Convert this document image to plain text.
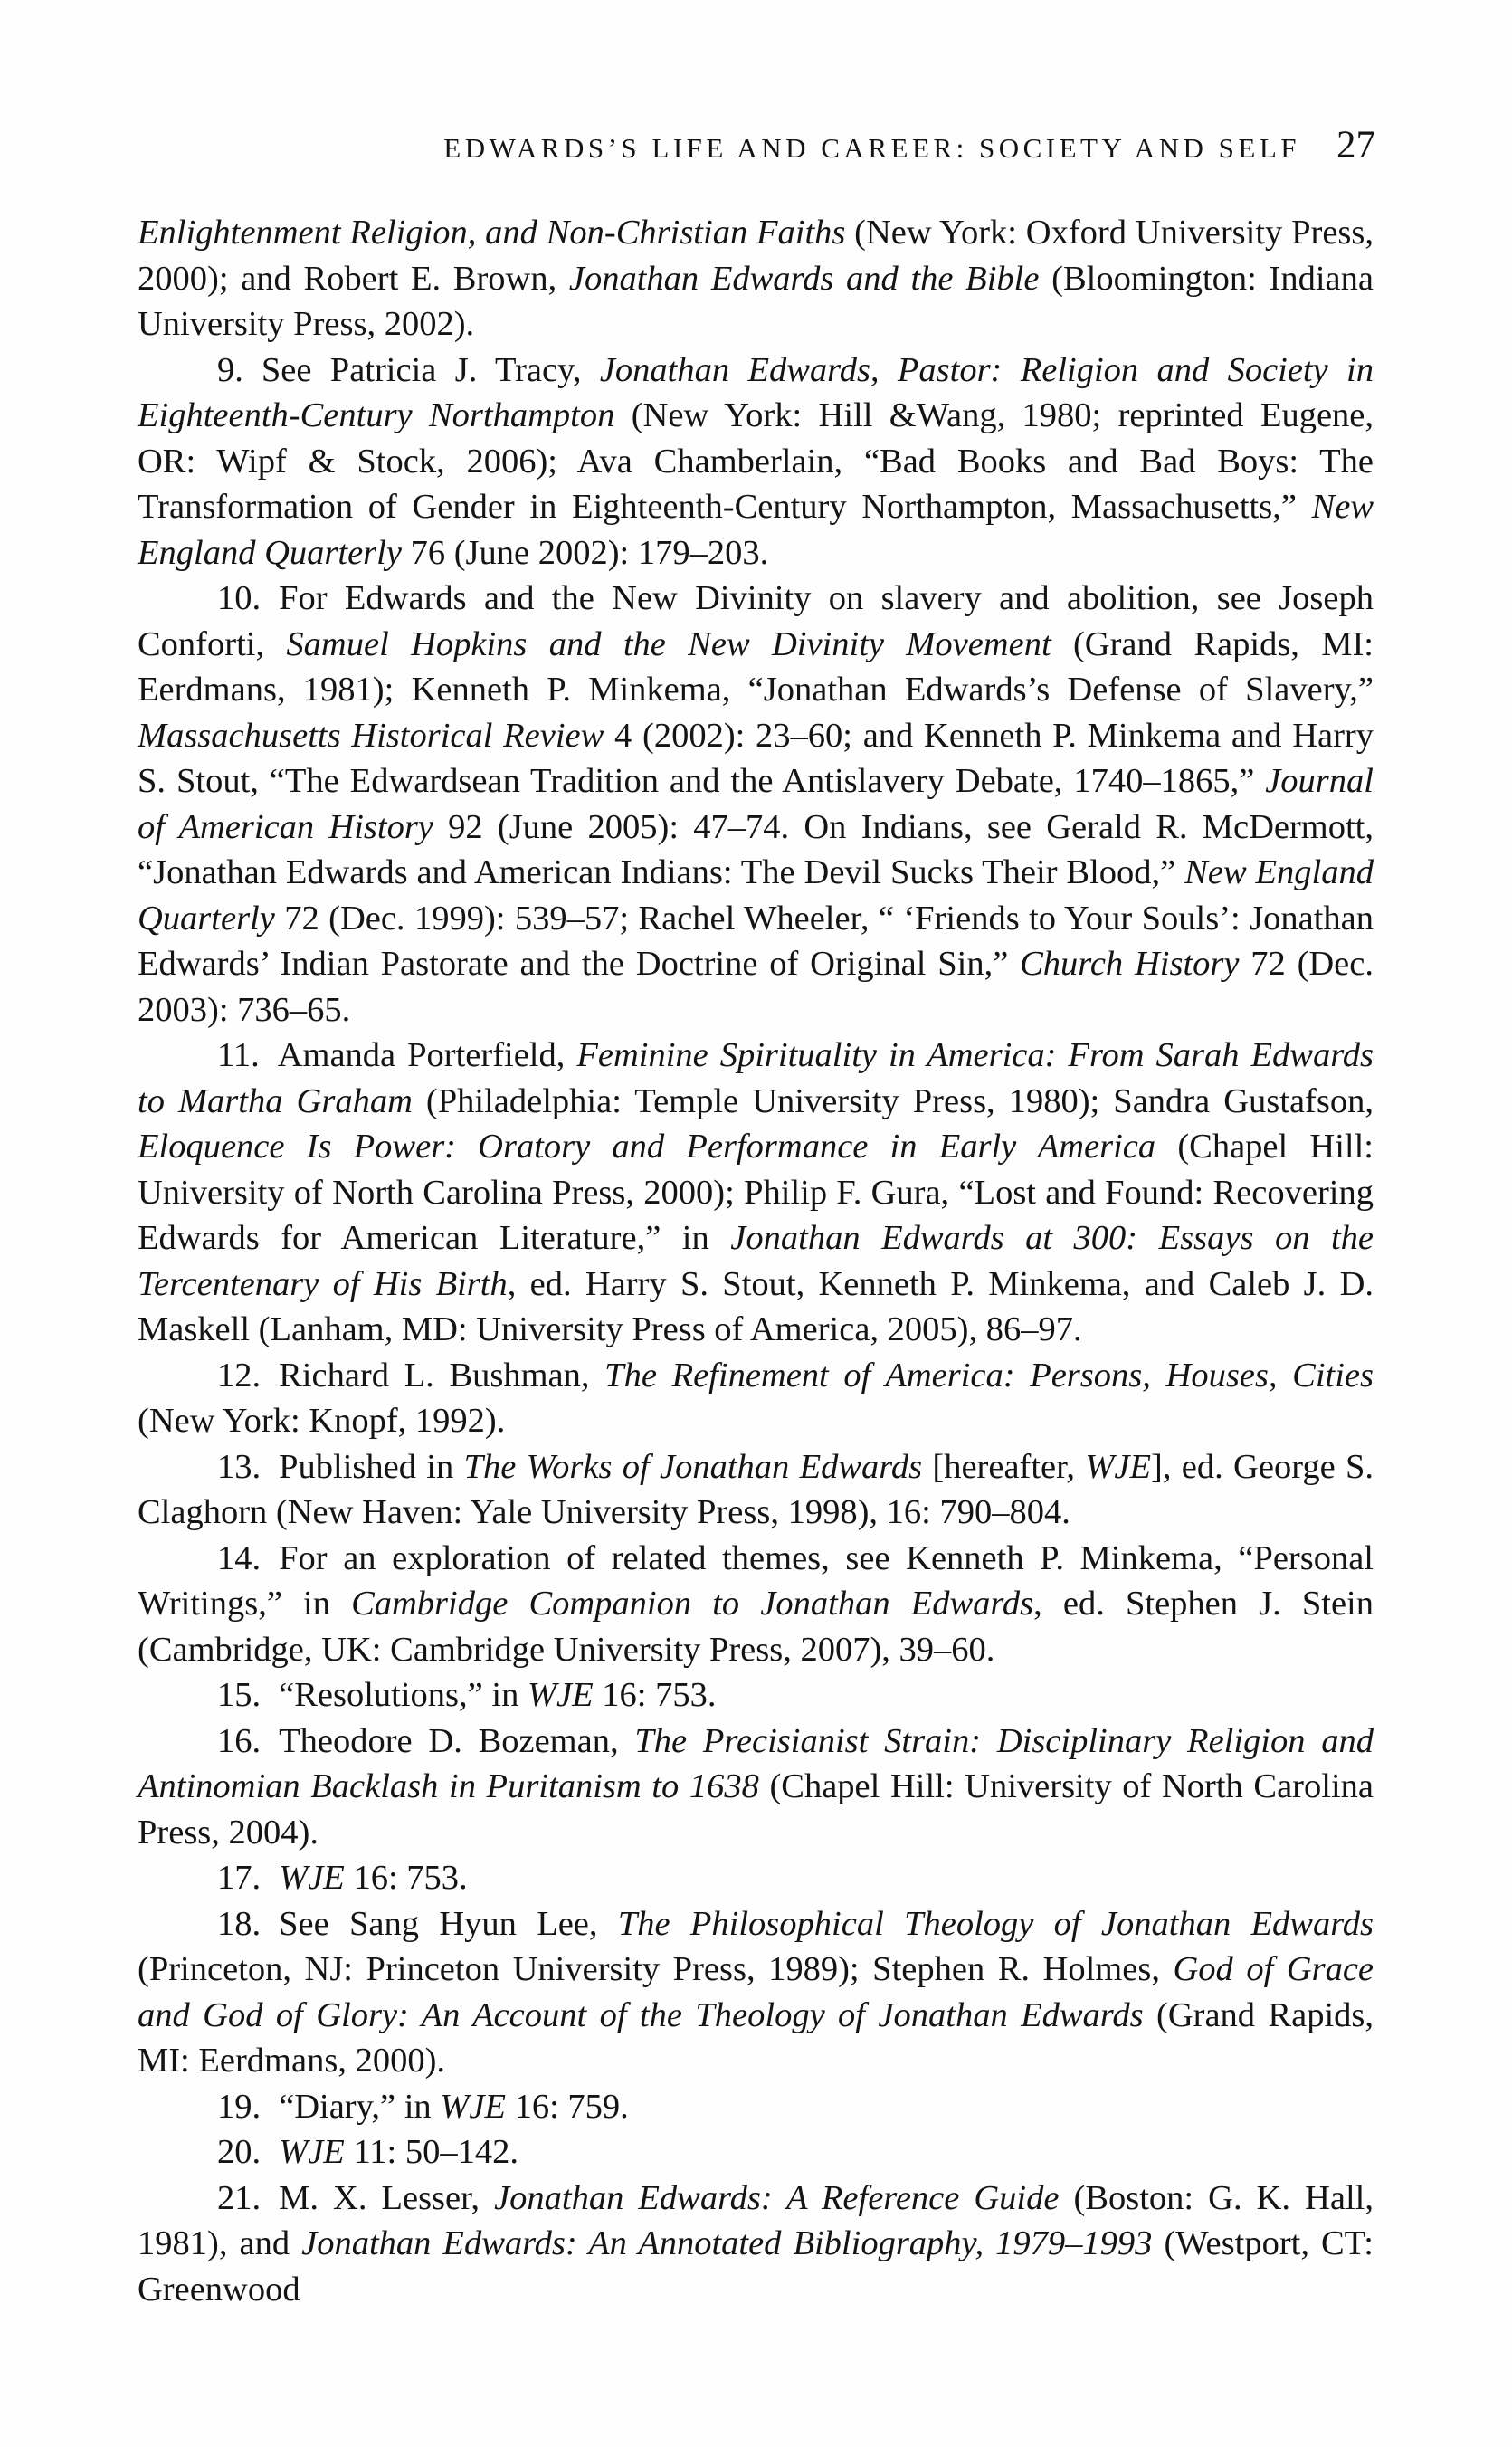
EDWARDS’S LIFE AND CAREER: SOCIETY AND SELF 27

Enlightenment Religion, and Non-Christian Faiths (New York: Oxford University Press, 2000); and Robert E. Brown, Jonathan Edwards and the Bible (Bloomington: Indiana University Press, 2002).

9. See Patricia J. Tracy, Jonathan Edwards, Pastor: Religion and Society in Eighteenth-Century Northampton (New York: Hill &Wang, 1980; reprinted Eugene, OR: Wipf & Stock, 2006); Ava Chamberlain, “Bad Books and Bad Boys: The Transformation of Gender in Eighteenth-Century Northampton, Massachusetts,” New England Quarterly 76 (June 2002): 179–203.

10. For Edwards and the New Divinity on slavery and abolition, see Joseph Conforti, Samuel Hopkins and the New Divinity Movement (Grand Rapids, MI: Eerdmans, 1981); Kenneth P. Minkema, “Jonathan Edwards’s Defense of Slavery,” Massachusetts Historical Review 4 (2002): 23–60; and Kenneth P. Minkema and Harry S. Stout, “The Edwardsean Tradition and the Antislavery Debate, 1740–1865,” Journal of American History 92 (June 2005): 47–74. On Indians, see Gerald R. McDermott, “Jonathan Edwards and American Indians: The Devil Sucks Their Blood,” New England Quarterly 72 (Dec. 1999): 539–57; Rachel Wheeler, “ ‘Friends to Your Souls’: Jonathan Edwards’ Indian Pastorate and the Doctrine of Original Sin,” Church History 72 (Dec. 2003): 736–65.

11. Amanda Porterfield, Feminine Spirituality in America: From Sarah Edwards to Martha Graham (Philadelphia: Temple University Press, 1980); Sandra Gustafson, Eloquence Is Power: Oratory and Performance in Early America (Chapel Hill: University of North Carolina Press, 2000); Philip F. Gura, “Lost and Found: Recovering Edwards for American Literature,” in Jonathan Edwards at 300: Essays on the Tercentenary of His Birth, ed. Harry S. Stout, Kenneth P. Minkema, and Caleb J. D. Maskell (Lanham, MD: University Press of America, 2005), 86–97.

12. Richard L. Bushman, The Refinement of America: Persons, Houses, Cities (New York: Knopf, 1992).

13. Published in The Works of Jonathan Edwards [hereafter, WJE], ed. George S. Claghorn (New Haven: Yale University Press, 1998), 16: 790–804.

14. For an exploration of related themes, see Kenneth P. Minkema, “Personal Writings,” in Cambridge Companion to Jonathan Edwards, ed. Stephen J. Stein (Cambridge, UK: Cambridge University Press, 2007), 39–60.

15. “Resolutions,” in WJE 16: 753.

16. Theodore D. Bozeman, The Precisianist Strain: Disciplinary Religion and Antinomian Backlash in Puritanism to 1638 (Chapel Hill: University of North Carolina Press, 2004).

17. WJE 16: 753.

18. See Sang Hyun Lee, The Philosophical Theology of Jonathan Edwards (Princeton, NJ: Princeton University Press, 1989); Stephen R. Holmes, God of Grace and God of Glory: An Account of the Theology of Jonathan Edwards (Grand Rapids, MI: Eerdmans, 2000).

19. “Diary,” in WJE 16: 759.

20. WJE 11: 50–142.

21. M. X. Lesser, Jonathan Edwards: A Reference Guide (Boston: G. K. Hall, 1981), and Jonathan Edwards: An Annotated Bibliography, 1979–1993 (Westport, CT: Greenwood
